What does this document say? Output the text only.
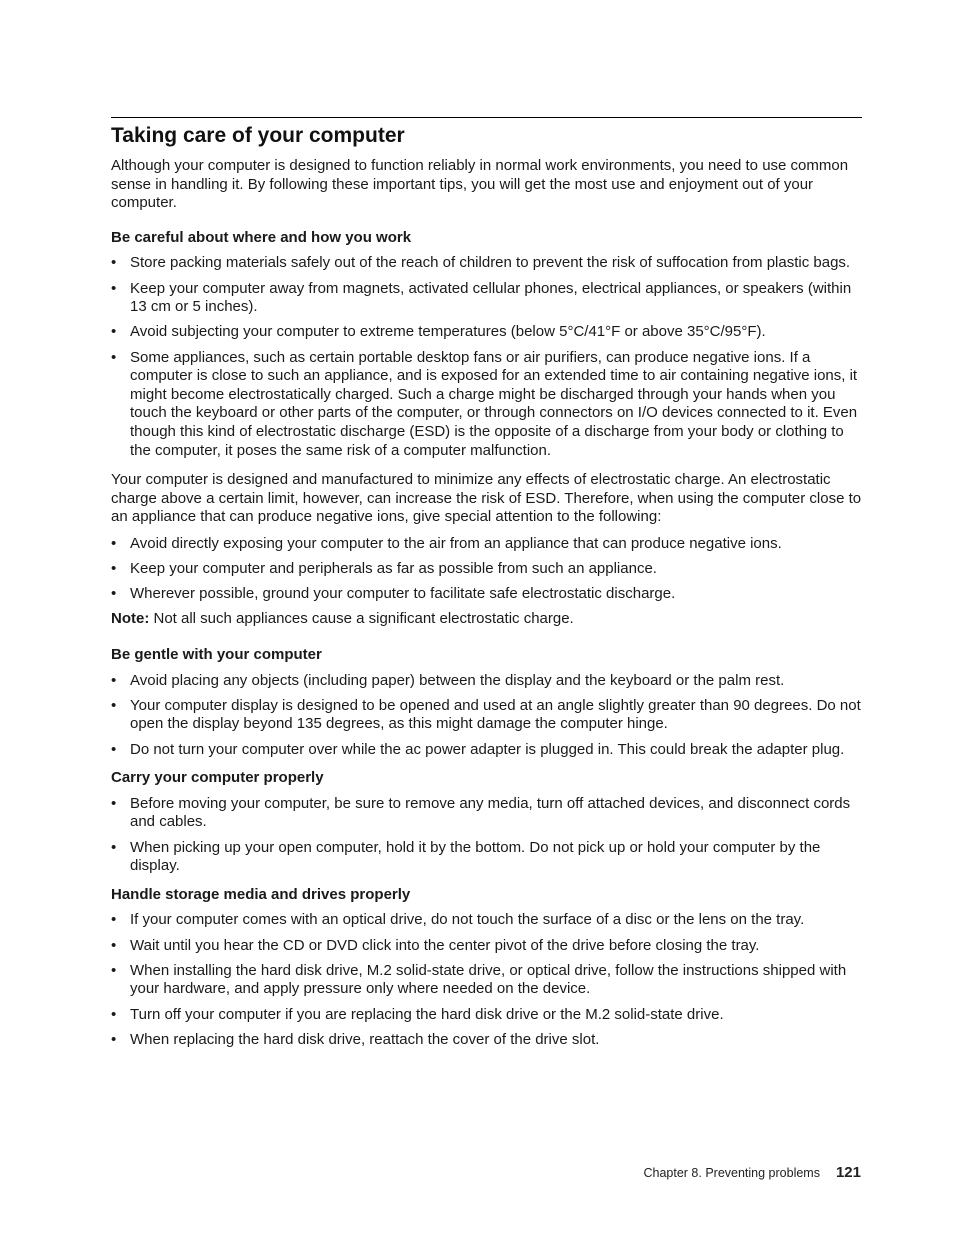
Taking care of your computer

Although your computer is designed to function reliably in normal work environments, you need to use common sense in handling it. By following these important tips, you will get the most use and enjoyment out of your computer.

Be careful about where and how you work
• Store packing materials safely out of the reach of children to prevent the risk of suffocation from plastic bags.
• Keep your computer away from magnets, activated cellular phones, electrical appliances, or speakers (within 13 cm or 5 inches).
• Avoid subjecting your computer to extreme temperatures (below 5°C/41°F or above 35°C/95°F).
• Some appliances, such as certain portable desktop fans or air purifiers, can produce negative ions. If a computer is close to such an appliance, and is exposed for an extended time to air containing negative ions, it might become electrostatically charged. Such a charge might be discharged through your hands when you touch the keyboard or other parts of the computer, or through connectors on I/O devices connected to it. Even though this kind of electrostatic discharge (ESD) is the opposite of a discharge from your body or clothing to the computer, it poses the same risk of a computer malfunction.

Your computer is designed and manufactured to minimize any effects of electrostatic charge. An electrostatic charge above a certain limit, however, can increase the risk of ESD. Therefore, when using the computer close to an appliance that can produce negative ions, give special attention to the following:

• Avoid directly exposing your computer to the air from an appliance that can produce negative ions.
• Keep your computer and peripherals as far as possible from such an appliance.
• Wherever possible, ground your computer to facilitate safe electrostatic discharge.

Note: Not all such appliances cause a significant electrostatic charge.

Be gentle with your computer
• Avoid placing any objects (including paper) between the display and the keyboard or the palm rest.
• Your computer display is designed to be opened and used at an angle slightly greater than 90 degrees. Do not open the display beyond 135 degrees, as this might damage the computer hinge.
• Do not turn your computer over while the ac power adapter is plugged in. This could break the adapter plug.
Carry your computer properly
• Before moving your computer, be sure to remove any media, turn off attached devices, and disconnect cords and cables.
• When picking up your open computer, hold it by the bottom. Do not pick up or hold your computer by the display.
Handle storage media and drives properly
• If your computer comes with an optical drive, do not touch the surface of a disc or the lens on the tray.
• Wait until you hear the CD or DVD click into the center pivot of the drive before closing the tray.
• When installing the hard disk drive, M.2 solid-state drive, or optical drive, follow the instructions shipped with your hardware, and apply pressure only where needed on the device.
• Turn off your computer if you are replacing the hard disk drive or the M.2 solid-state drive.
• When replacing the hard disk drive, reattach the cover of the drive slot.
Chapter 8. Preventing problems 121
